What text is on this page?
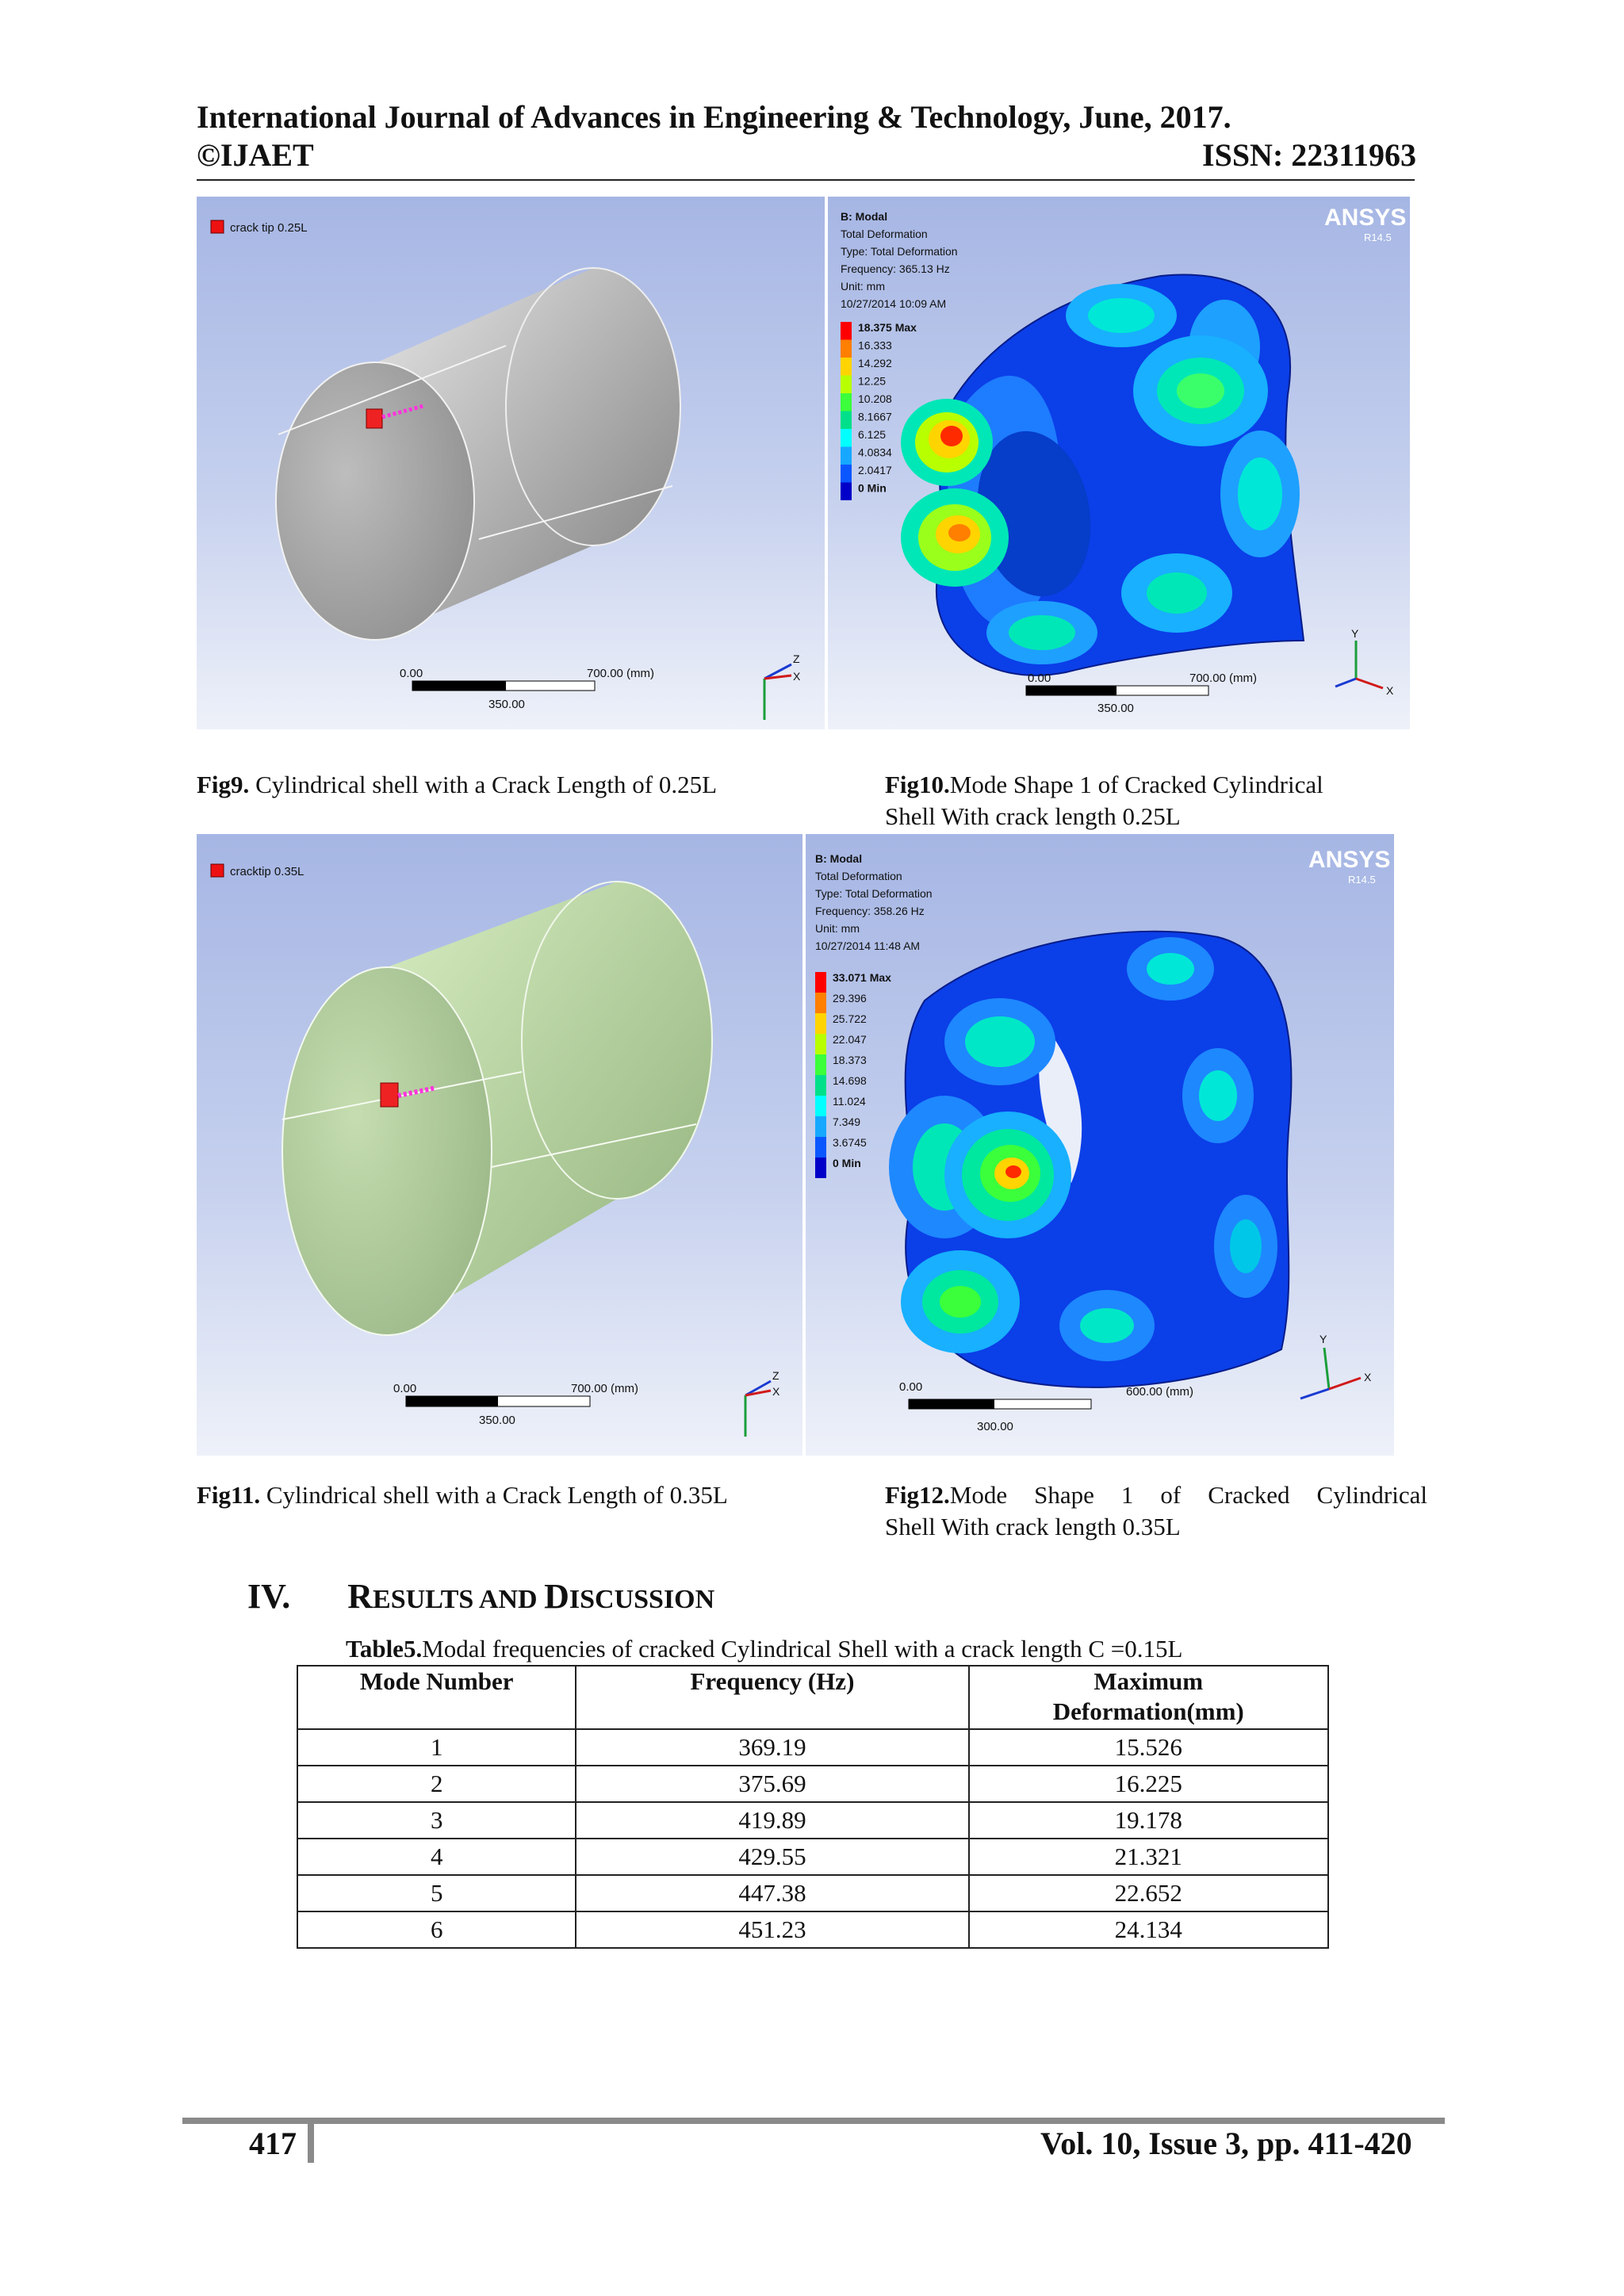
International Journal of Advances in Engineering & Technology, June, 2017.
©IJAET	ISSN: 22311963
crack tip 0.25L
0.00	700.00 (mm)
350.00
Z
X
B: Modal
Total Deformation
Type: Total Deformation
Frequency: 365.13 Hz
Unit: mm
10/27/2014 10:09 AM
ANSYS
R14.5
18.375 Max
16.333
14.292
12.25
10.208
8.1667
6.125
4.0834
2.0417
0 Min
0.00	700.00 (mm)
350.00
Y
X
Fig9. Cylindrical shell with a Crack Length of 0.25L	Fig10.Mode Shape 1 of Cracked Cylindrical
Shell With crack length 0.25L
cracktip 0.35L
0.00	700.00 (mm)
350.00
Z
X
B: Modal
Total Deformation
Type: Total Deformation
Frequency: 358.26 Hz
Unit: mm
10/27/2014 11:48 AM
ANSYS
R14.5
33.071 Max
29.396
25.722
22.047
18.373
14.698
11.024
7.349
3.6745
0 Min
0.00	600.00 (mm)
300.00
Y
X
Fig11. Cylindrical shell with a Crack Length of 0.35L	Fig12.Mode Shape 1 of Cracked Cylindrical
Shell With crack length 0.35L
IV. RESULTS AND DISCUSSION
Table5.Modal frequencies of cracked Cylindrical Shell with a crack length C =0.15L
Mode Number	Frequency (Hz)	Maximum
Deformation(mm)

1	369.19	15.526
2	375.69	16.225
3	419.89	19.178
4	429.55	21.321
5	447.38	22.652
6	451.23	24.134
417	Vol. 10, Issue 3, pp. 411-420
